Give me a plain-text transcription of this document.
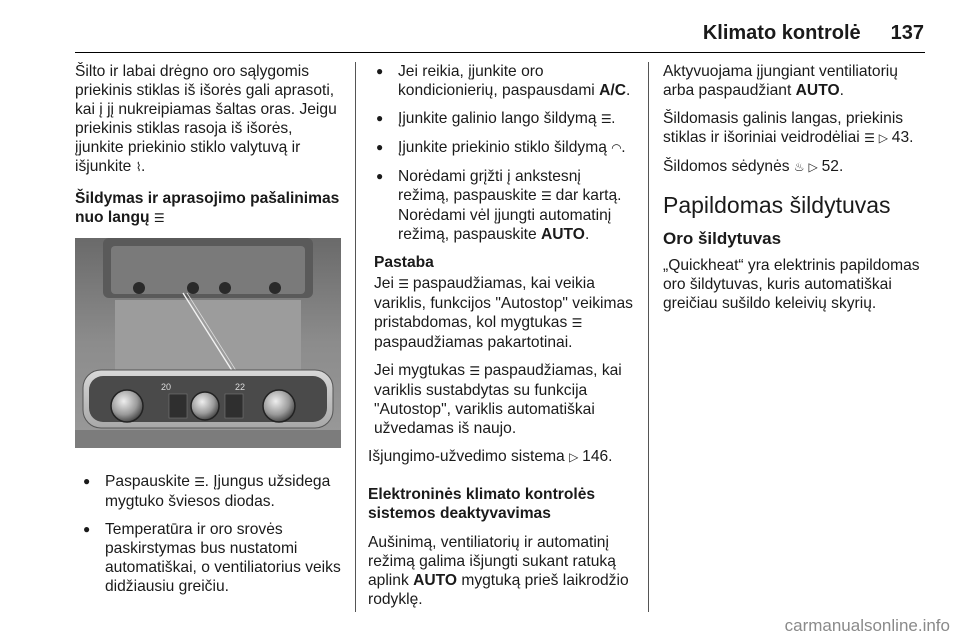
Klimato kontrolė 137

Šilto ir labai drėgno oro sąlygomis priekinis stiklas iš išorės gali aprasoti, kai į jį nukreipiamas šaltas oras. Jeigu priekinis stiklas rasoja iš išorės, įjunkite priekinio stiklo valytuvą ir išjunkite ⌇.

Šildymas ir aprasojimo pašalinimas nuo langų ☰

20	22
● Paspauskite ☰. Įjungus užsidega mygtuko šviesos diodas.
● Temperatūra ir oro srovės paskirstymas bus nustatomi automatiškai, o ventiliatorius veiks didžiausiu greičiu.
● Jei reikia, įjunkite oro kondicionierių, paspausdami A/C.
● Įjunkite galinio lango šildymą ☰.
● Įjunkite priekinio stiklo šildymą ◠.
● Norėdami grįžti į ankstesnį režimą, paspauskite ☰ dar kartą. Norėdami vėl įjungti automatinį režimą, paspauskite AUTO.

Pastaba

Jei ☰ paspaudžiamas, kai veikia variklis, funkcijos "Autostop" veikimas pristabdomas, kol mygtukas ☰ paspaudžiamas pakartotinai.

Jei mygtukas ☰ paspaudžiamas, kai variklis sustabdytas su funkcija "Autostop", variklis automatiškai užvedamas iš naujo.

Išjungimo-užvedimo sistema ▷ 146.

Elektroninės klimato kontrolės sistemos deaktyvavimas

Aušinimą, ventiliatorių ir automatinį režimą galima išjungti sukant ratuką aplink AUTO mygtuką prieš laikrodžio rodyklę.

Aktyvuojama įjungiant ventiliatorių arba paspaudžiant AUTO.

Šildomasis galinis langas, priekinis stiklas ir išoriniai veidrodėliai ☰ ▷ 43.

Šildomos sėdynės ♨ ▷ 52.

Papildomas šildytuvas
Oro šildytuvas

„Quickheat“ yra elektrinis papildomas oro šildytuvas, kuris automatiškai greičiau sušildo keleivių skyrių.

carmanualsonline.info
